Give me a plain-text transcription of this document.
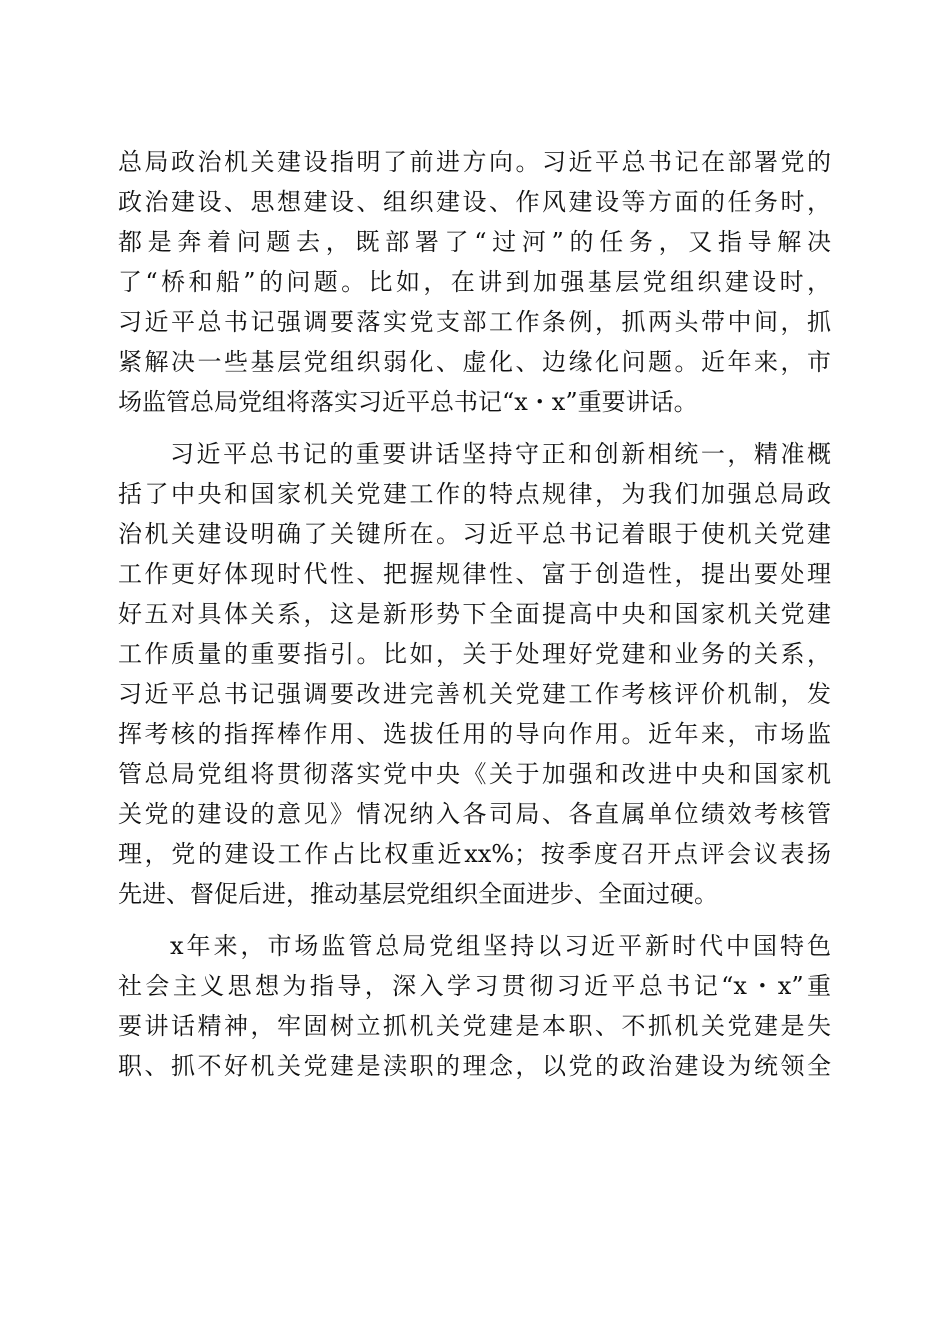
总局政治机关建设指明了前进方向。习近平总书记在部署党的
政治建设、思想建设、组织建设、作风建设等方面的任务时，
都是奔着问题去，既部署了“过河”的任务，又指导解决
了“桥和船”的问题。比如，在讲到加强基层党组织建设时，
习近平总书记强调要落实党支部工作条例，抓两头带中间，抓
紧解决一些基层党组织弱化、虚化、边缘化问题。近年来，市
场监管总局党组将落实习近平总书记“x・x”重要讲话。
习近平总书记的重要讲话坚持守正和创新相统一，精准概
括了中央和国家机关党建工作的特点规律，为我们加强总局政
治机关建设明确了关键所在。习近平总书记着眼于使机关党建
工作更好体现时代性、把握规律性、富于创造性，提出要处理
好五对具体关系，这是新形势下全面提高中央和国家机关党建
工作质量的重要指引。比如，关于处理好党建和业务的关系，
习近平总书记强调要改进完善机关党建工作考核评价机制，发
挥考核的指挥棒作用、选拔任用的导向作用。近年来，市场监
管总局党组将贯彻落实党中央《关于加强和改进中央和国家机
关党的建设的意见》情况纳入各司局、各直属单位绩效考核管
理，党的建设工作占比权重近xx%；按季度召开点评会议表扬
先进、督促后进，推动基层党组织全面进步、全面过硬。
x年来，市场监管总局党组坚持以习近平新时代中国特色
社会主义思想为指导，深入学习贯彻习近平总书记“x・x”重
要讲话精神，牢固树立抓机关党建是本职、不抓机关党建是失
职、抓不好机关党建是渎职的理念，以党的政治建设为统领全
